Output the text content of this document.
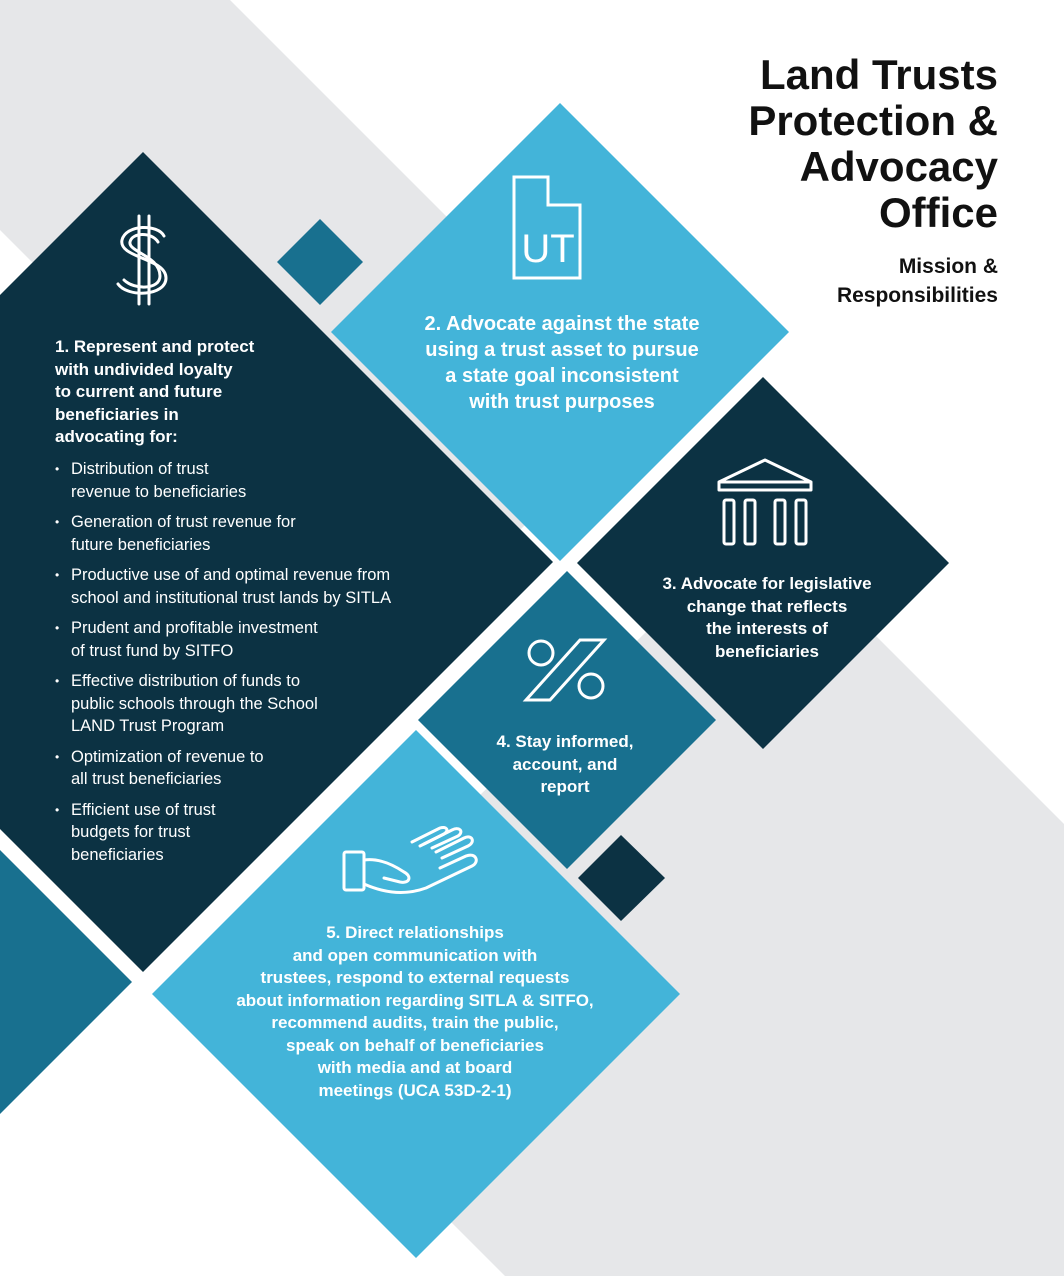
UT
Land Trusts
Protection &
Advocacy
Office
Mission &
Responsibilities
1. Represent and protect
with undivided loyalty
to current and future
beneficiaries in
advocating for:
• Distribution of trust
revenue to beneficiaries
• Generation of trust revenue for
future beneficiaries
• Productive use of and optimal revenue from
school and institutional trust lands by SITLA
• Prudent and profitable investment
of trust fund by SITFO
• Effective distribution of funds to
public schools through the School
LAND Trust Program
• Optimization of revenue to
all trust beneficiaries
• Efficient use of trust
budgets for trust
beneficiaries
2. Advocate against the state
using a trust asset to pursue
a state goal inconsistent
with trust purposes
3. Advocate for legislative
change that reflects
the interests of
beneficiaries
4. Stay informed,
account, and
report
5. Direct relationships
and open communication with
trustees, respond to external requests
about information regarding SITLA & SITFO,
recommend audits, train the public,
speak on behalf of beneficiaries
with media and at board
meetings (UCA 53D-2-1)
